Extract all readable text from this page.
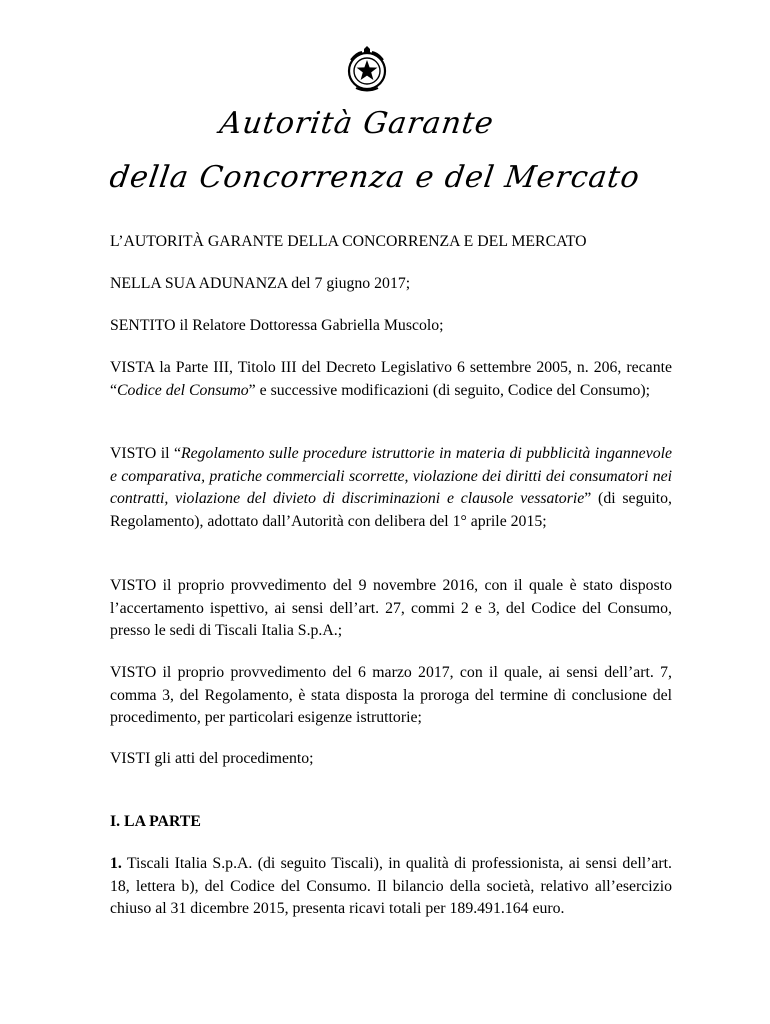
Autorità Garante
della Concorrenza e del Mercato

L’AUTORITÀ GARANTE DELLA CONCORRENZA E DEL MERCATO

NELLA SUA ADUNANZA del 7 giugno 2017;

SENTITO il Relatore Dottoressa Gabriella Muscolo;

VISTA la Parte III, Titolo III del Decreto Legislativo 6 settembre 2005, n. 206, recante “Codice del Consumo” e successive modificazioni (di seguito, Codice del Consumo);

VISTO il “Regolamento sulle procedure istruttorie in materia di pubblicità ingannevole e comparativa, pratiche commerciali scorrette, violazione dei diritti dei consumatori nei contratti, violazione del divieto di discriminazioni e clausole vessatorie” (di seguito, Regolamento), adottato dall’Autorità con delibera del 1° aprile 2015;

VISTO il proprio provvedimento del 9 novembre 2016, con il quale è stato disposto l’accertamento ispettivo, ai sensi dell’art. 27, commi 2 e 3, del Codice del Consumo, presso le sedi di Tiscali Italia S.p.A.;

VISTO il proprio provvedimento del 6 marzo 2017, con il quale, ai sensi dell’art. 7, comma 3, del Regolamento, è stata disposta la proroga del termine di conclusione del procedimento, per particolari esigenze istruttorie;

VISTI gli atti del procedimento;

I. LA PARTE

1. Tiscali Italia S.p.A. (di seguito Tiscali), in qualità di professionista, ai sensi dell’art. 18, lettera b), del Codice del Consumo. Il bilancio della società, relativo all’esercizio chiuso al 31 dicembre 2015, presenta ricavi totali per 189.491.164 euro.
